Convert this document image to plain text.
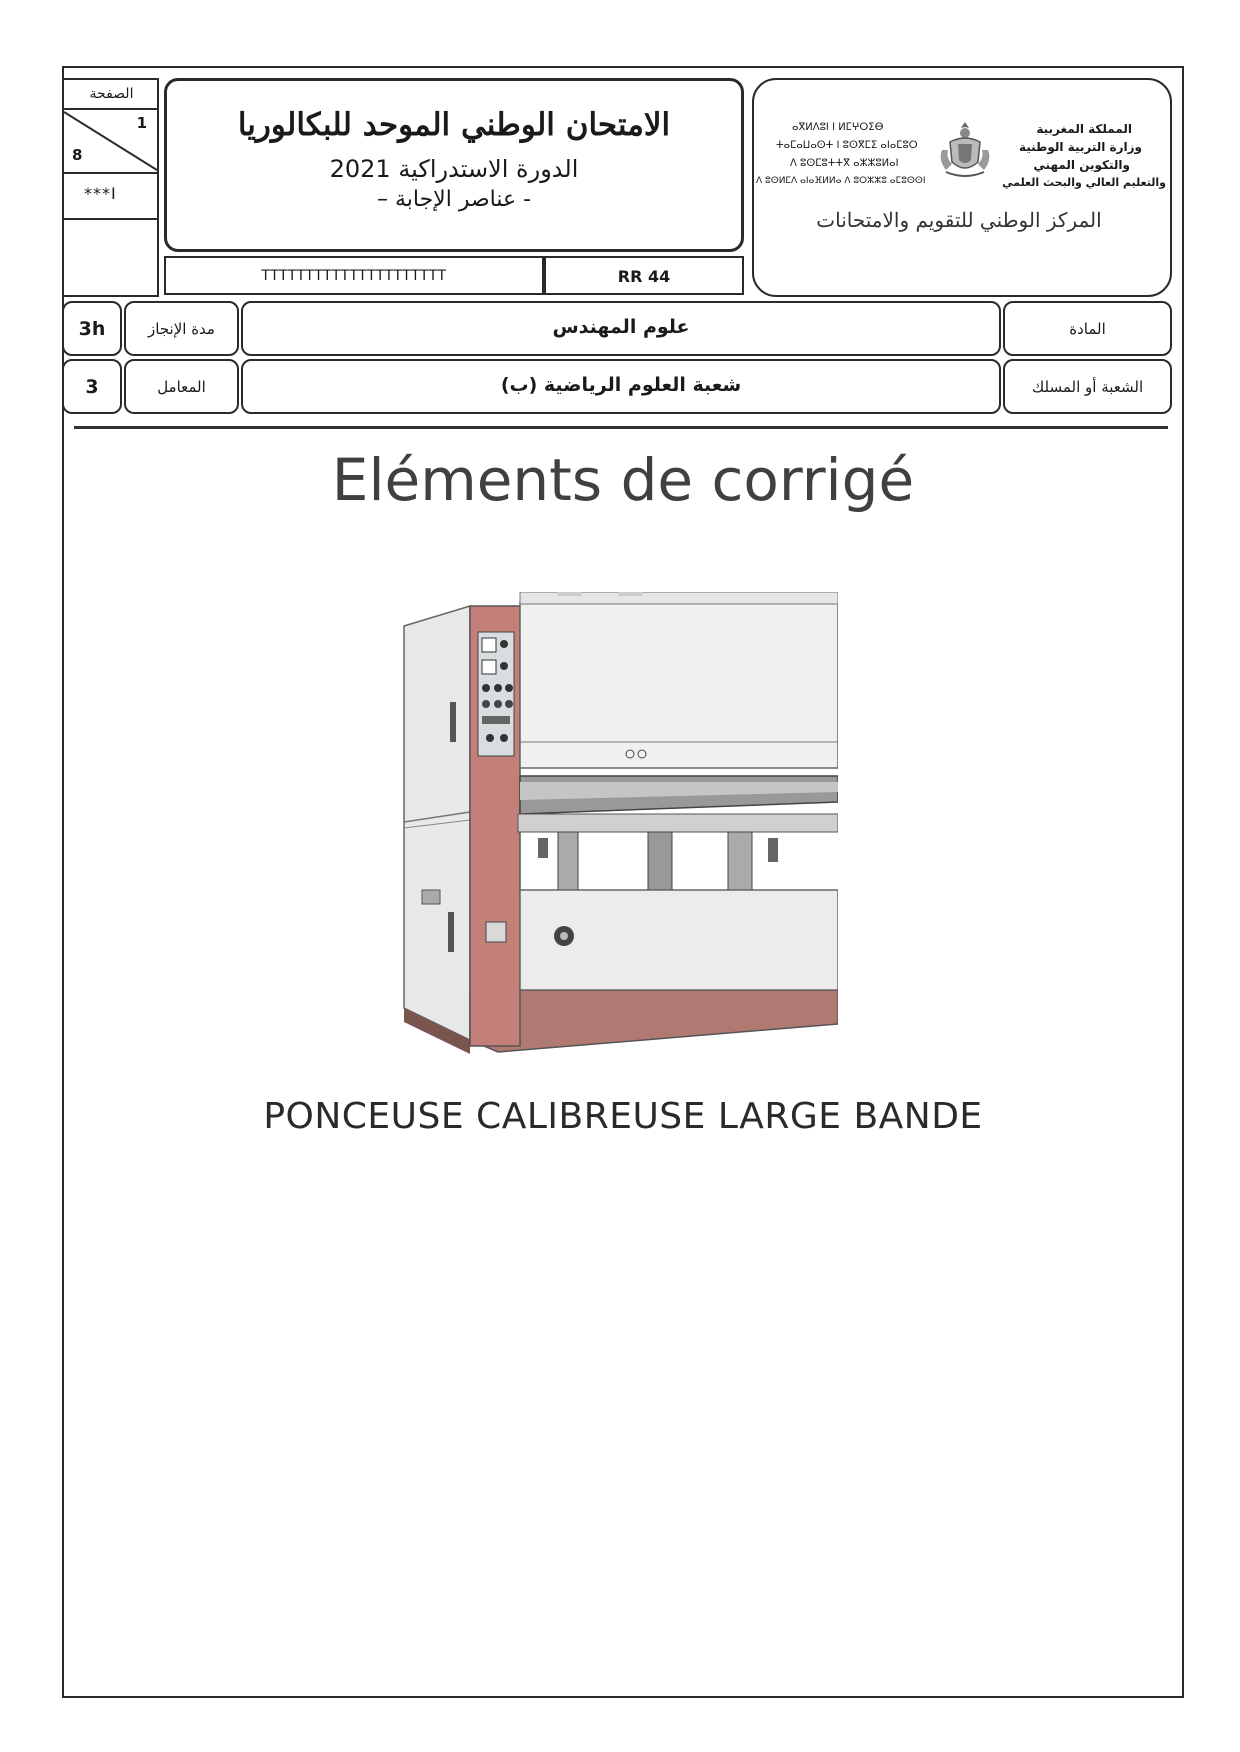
الصفحة
1
8
***I
الامتحان الوطني الموحد للبكالوريا
الدورة الاستدراكية 2021
- عناصر الإجابة –
TTTTTTTTTTTTTTTTTTTTT	RR 44
المملكة المغربية
وزارة التربية الوطنية
والتكوين المهني
والتعليم العالي والبحث العلمي
ⴰⴳⵍⴷⵓⵏ ⵏ ⵍⵎⵖⵔⵉⴱ
ⵜⴰⵎⴰⵡⴰⵙⵜ ⵏ ⵓⵙⴳⵎⵉ ⴰⵏⴰⵎⵓⵔ
ⴷ ⵓⵙⵎⵓⵜⵜⴳ ⴰⵣⵣⵓⵍⴰⵏ
ⴷ ⵓⵙⵍⵎⴷ ⴰⵏⴰⴼⵍⵍⴰ ⴷ ⵓⵔⵣⵣⵓ ⴰⵎⵓⵙⵙⵏ
المركز الوطني للتقويم والامتحانات
3h	مدة الإنجاز	علوم المهندس	المادة
3	المعامل	شعبة العلوم الرياضية (ب)	الشعبة أو المسلك
Eléments de corrigé
PONCEUSE CALIBREUSE LARGE BANDE
